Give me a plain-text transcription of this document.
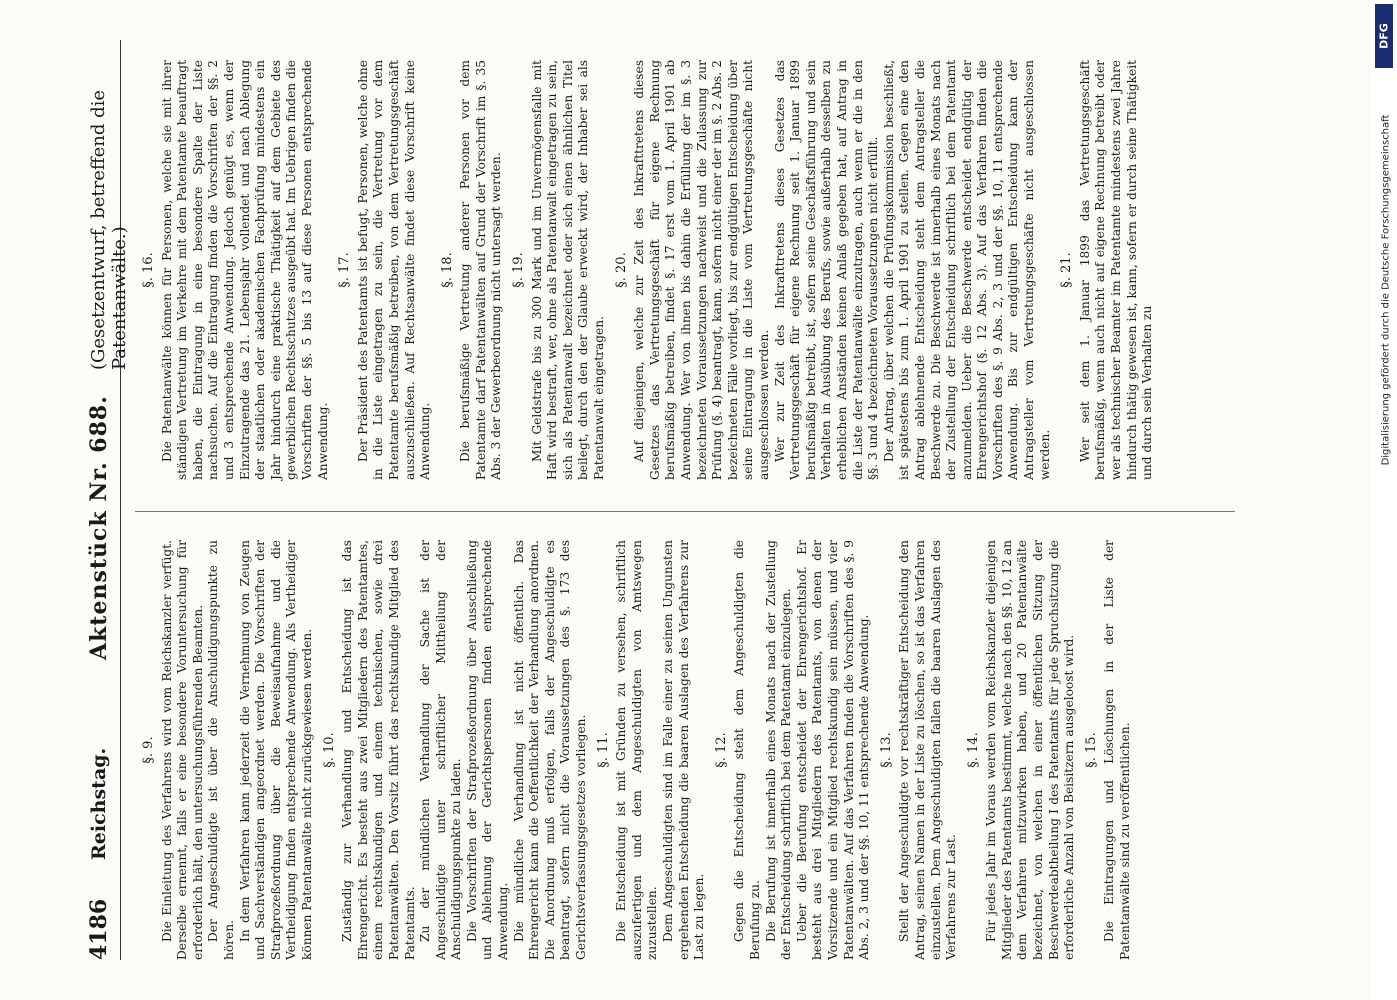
4186
Reichstag.
Aktenstück Nr. 688.
(Gesetzentwurf, betreffend die Patentanwälte.)
§. 9. Die Einleitung des Verfahrens wird vom Reichskanzler verfügt. Derselbe ernennt, falls er eine besondere Voruntersuchung für erforderlich hält, den untersuchungsführenden Beamten. Der Angeschuldigte ist über die Anschuldigungspunkte zu hören. In dem Verfahren kann jederzeit die Vernehmung von Zeugen und Sachverständigen angeordnet werden. Die Vorschriften der Strafprozeßordnung über die Beweisaufnahme und die Vertheidigung finden entsprechende Anwendung. Als Vertheidiger können Patentanwälte nicht zurückgewiesen werden. §. 10. Zuständig zur Verhandlung und Entscheidung ist das Ehrengericht. Es besteht aus zwei Mitgliedern des Patentamtes, einem rechtskundigen und einem technischen, sowie drei Patentanwälten. Den Vorsitz führt das rechtskundige Mitglied des Patentamts. Zu der mündlichen Verhandlung der Sache ist der Angeschuldigte unter schriftlicher Mittheilung der Anschuldigungspunkte zu laden. Die Vorschriften der Strafprozeßordnung über Ausschließung und Ablehnung der Gerichtspersonen finden entsprechende Anwendung. Die mündliche Verhandlung ist nicht öffentlich. Das Ehrengericht kann die Oeffentlichkeit der Verhandlung anordnen. Die Anordnung muß erfolgen, falls der Angeschuldigte es beantragt, sofern nicht die Voraussetzungen des §. 173 des Gerichtsverfassungsgesetzes vorliegen. §. 11. Die Entscheidung ist mit Gründen zu versehen, schriftlich auszufertigen und dem Angeschuldigten von Amtswegen zuzustellen. Dem Angeschuldigten sind im Falle einer zu seinen Ungunsten ergehenden Entscheidung die baaren Auslagen des Verfahrens zur Last zu legen.

§. 12. Gegen die Entscheidung steht dem Angeschuldigten die Berufung zu. Die Berufung ist innerhalb eines Monats nach der Zustellung der Entscheidung schriftlich bei dem Patentamt einzulegen. Ueber die Berufung entscheidet der Ehrengerichtshof. Er besteht aus drei Mitgliedern des Patentamts, von denen der Vorsitzende und ein Mitglied rechtskundig sein müssen, und vier Patentanwälten. Auf das Verfahren finden die Vorschriften des §. 9 Abs. 2, 3 und der §§. 10, 11 entsprechende Anwendung. §. 13. Stellt der Angeschuldigte vor rechtskräftiger Entscheidung den Antrag, seinen Namen in der Liste zu löschen, so ist das Verfahren einzustellen. Dem Angeschuldigten fallen die baaren Auslagen des Verfahrens zur Last.

§. 14. Für jedes Jahr im Voraus werden vom Reichskanzler diejenigen Mitglieder des Patentamts bestimmt, welche nach den §§. 10, 12 an dem Verfahren mitzuwirken haben, und 20 Patentanwälte bezeichnet, von welchen in einer öffentlichen Sitzung der Beschwerdeabtheilung I des Patentamts für jede Spruchsitzung die erforderliche Anzahl von Beisitzern ausgeloost wird. §. 15. Die Eintragungen und Löschungen in der Liste der Patentanwälte sind zu veröffentlichen.

§. 16. Die Patentanwälte können für Personen, welche sie mit ihrer ständigen Vertretung im Verkehre mit dem Patentamte beauftragt haben, die Eintragung in eine besondere Spalte der Liste nachsuchen. Auf die Eintragung finden die Vorschriften der §§. 2 und 3 entsprechende Anwendung. Jedoch genügt es, wenn der Einzutragende das 21. Lebensjahr vollendet und nach Ablegung der staatlichen oder akademischen Fachprüfung mindestens ein Jahr hindurch eine praktische Thätigkeit auf dem Gebiete des gewerblichen Rechtsschutzes ausgeübt hat. Im Uebrigen finden die Vorschriften der §§. 5 bis 13 auf diese Personen entsprechende Anwendung.

§. 17. Der Präsident des Patentamts ist befugt, Personen, welche ohne in die Liste eingetragen zu sein, die Vertretung vor dem Patentamte berufsmäßig betreiben, von dem Vertretungsgeschäft auszuschließen. Auf Rechtsanwälte findet diese Vorschrift keine Anwendung.

§. 18. Die berufsmäßige Vertretung anderer Personen vor dem Patentamte darf Patentanwälten auf Grund der Vorschrift im §. 35 Abs. 3 der Gewerbeordnung nicht untersagt werden. §. 19. Mit Geldstrafe bis zu 300 Mark und im Unvermögensfalle mit Haft wird bestraft, wer, ohne als Patentanwalt eingetragen zu sein, sich als Patentanwalt bezeichnet oder sich einen ähnlichen Titel beilegt, durch den der Glaube erweckt wird, der Inhaber sei als Patentanwalt eingetragen.

§. 20. Auf diejenigen, welche zur Zeit des Inkrafttretens dieses Gesetzes das Vertretungsgeschäft für eigene Rechnung berufsmäßig betreiben, findet §. 17 erst vom 1. April 1901 ab Anwendung. Wer von ihnen bis dahin die Erfüllung der im §. 3 bezeichneten Voraussetzungen nachweist und die Zulassung zur Prüfung (§. 4) beantragt, kann, sofern nicht einer der im §. 2 Abs. 2 bezeichneten Fälle vorliegt, bis zur endgültigen Entscheidung über seine Eintragung in die Liste vom Vertretungsgeschäfte nicht ausgeschlossen werden. Wer zur Zeit des Inkrafttretens dieses Gesetzes das Vertretungsgeschäft für eigene Rechnung seit 1. Januar 1899 berufsmäßig betreibt, ist, sofern seine Geschäftsführung und sein Verhalten in Ausübung des Berufs, sowie außerhalb desselben zu erheblichen Anständen keinen Anlaß gegeben hat, auf Antrag in die Liste der Patentanwälte einzutragen, auch wenn er die in den §§. 3 und 4 bezeichneten Voraussetzungen nicht erfüllt. Der Antrag, über welchen die Prüfungskommission beschließt, ist spätestens bis zum 1. April 1901 zu stellen. Gegen eine den Antrag ablehnende Entscheidung steht dem Antragsteller die Beschwerde zu. Die Beschwerde ist innerhalb eines Monats nach der Zustellung der Entscheidung schriftlich bei dem Patentamt anzumelden. Ueber die Beschwerde entscheidet endgültig der Ehrengerichtshof (§. 12 Abs. 3). Auf das Verfahren finden die Vorschriften des §. 9 Abs. 2, 3 und der §§. 10, 11 entsprechende Anwendung. Bis zur endgültigen Entscheidung kann der Antragsteller vom Vertretungsgeschäfte nicht ausgeschlossen werden.

§. 21. Wer seit dem 1. Januar 1899 das Vertretungsgeschäft berufsmäßig, wenn auch nicht auf eigene Rechnung betreibt oder wer als technischer Beamter im Patentamte mindestens zwei Jahre hindurch thätig gewesen ist, kann, sofern er durch seine Thätigkeit und durch sein Verhalten zu

DFG
Digitalisierung gefördert durch die Deutsche Forschungsgemeinschaft
